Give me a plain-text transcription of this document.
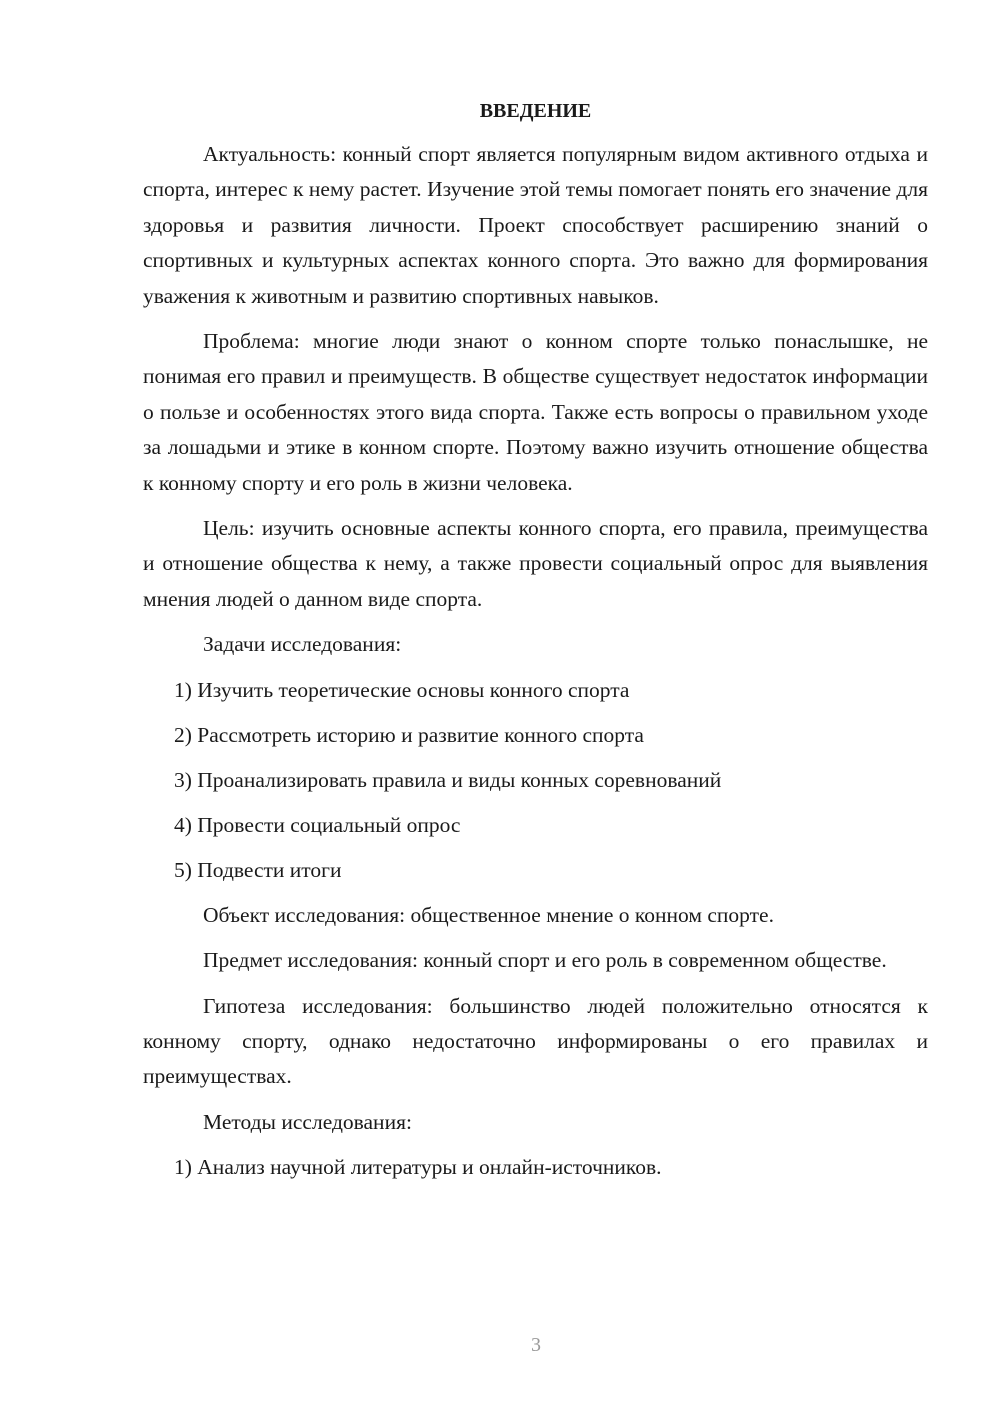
ВВЕДЕНИЕ

Актуальность: конный спорт является популярным видом активного отдыха и спорта, интерес к нему растет. Изучение этой темы помогает понять его значение для здоровья и развития личности. Проект способствует расширению знаний о спортивных и культурных аспектах конного спорта. Это важно для формирования уважения к животным и развитию спортивных навыков.

Проблема: многие люди знают о конном спорте только понаслышке, не понимая его правил и преимуществ. В обществе существует недостаток информации о пользе и особенностях этого вида спорта. Также есть вопросы о правильном уходе за лошадьми и этике в конном спорте. Поэтому важно изучить отношение общества к конному спорту и его роль в жизни человека.

Цель: изучить основные аспекты конного спорта, его правила, преимущества и отношение общества к нему, а также провести социальный опрос для выявления мнения людей о данном виде спорта.

Задачи исследования:

1) Изучить теоретические основы конного спорта
2) Рассмотреть историю и развитие конного спорта
3) Проанализировать правила и виды конных соревнований
4) Провести социальный опрос
5) Подвести итоги

Объект исследования: общественное мнение о конном спорте.

Предмет исследования: конный спорт и его роль в современном обществе.

Гипотеза исследования: большинство людей положительно относятся к конному спорту, однако недостаточно информированы о его правилах и преимуществах.

Методы исследования:

1) Анализ научной литературы и онлайн-источников.
3
